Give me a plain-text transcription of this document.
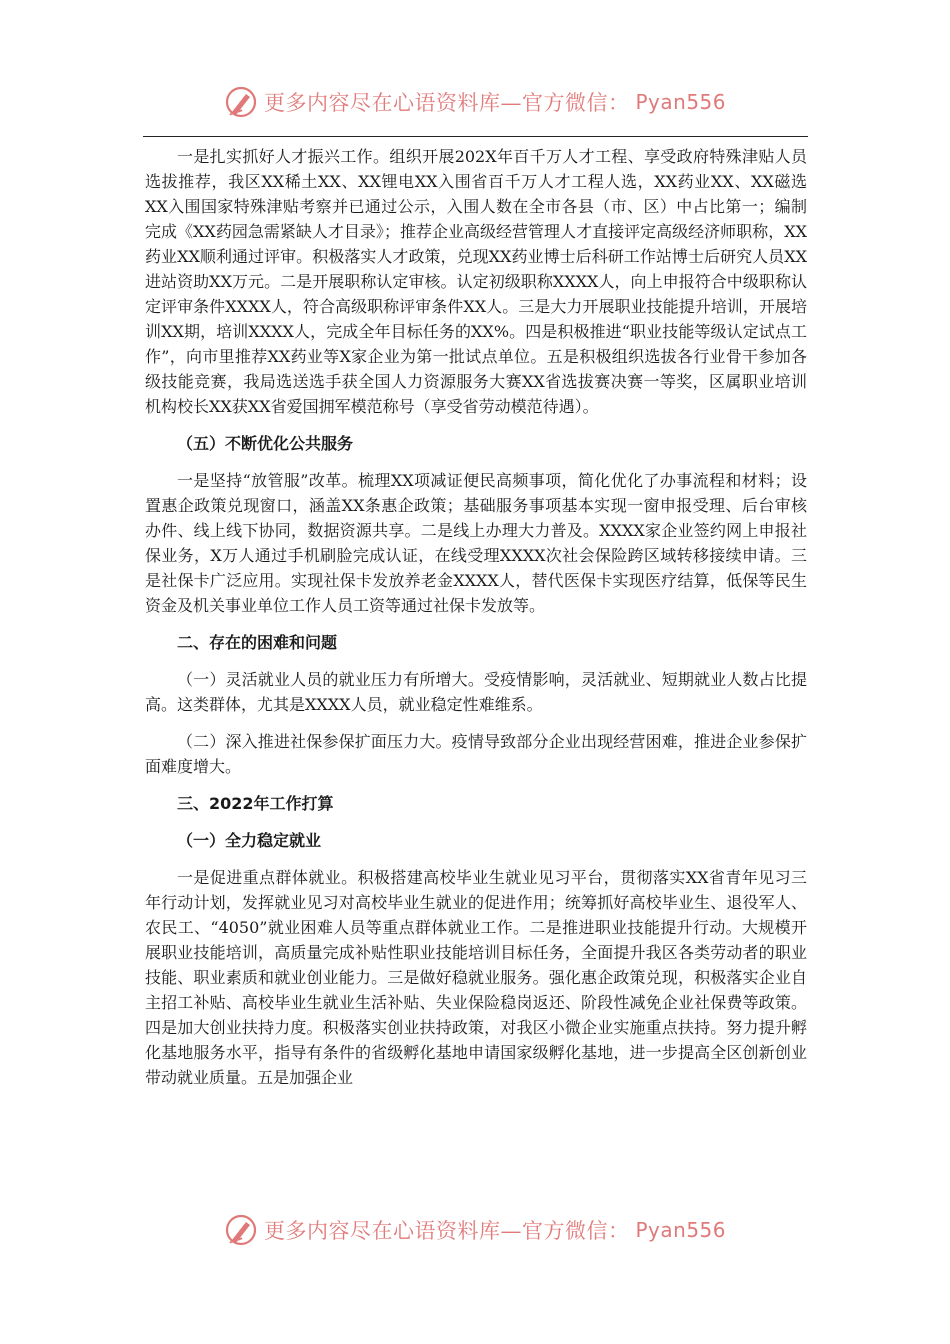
更多内容尽在心语资料库—官方微信： Pyan556

一是扎实抓好人才振兴工作。组织开展202X年百千万人才工程、享受政府特殊津贴人员选拔推荐，我区XX稀土XX、XX锂电XX入围省百千万人才工程人选，XX药业XX、XX磁选XX入围国家特殊津贴考察并已通过公示，入围人数在全市各县（市、区）中占比第一；编制完成《XX药园急需紧缺人才目录》；推荐企业高级经营管理人才直接评定高级经济师职称，XX药业XX顺利通过评审。积极落实人才政策，兑现XX药业博士后科研工作站博士后研究人员XX进站资助XX万元。二是开展职称认定审核。认定初级职称XXXX人，向上申报符合中级职称认定评审条件XXXX人，符合高级职称评审条件XX人。三是大力开展职业技能提升培训，开展培训XX期，培训XXXX人，完成全年目标任务的XX%。四是积极推进“职业技能等级认定试点工作”，向市里推荐XX药业等X家企业为第一批试点单位。五是积极组织选拔各行业骨干参加各级技能竞赛，我局选送选手获全国人力资源服务大赛XX省选拔赛决赛一等奖，区属职业培训机构校长XX获XX省爱国拥军模范称号（享受省劳动模范待遇）。

（五）不断优化公共服务

一是坚持“放管服”改革。梳理XX项减证便民高频事项，简化优化了办事流程和材料；设置惠企政策兑现窗口，涵盖XX条惠企政策；基础服务事项基本实现一窗申报受理、后台审核办件、线上线下协同，数据资源共享。二是线上办理大力普及。XXXX家企业签约网上申报社保业务，X万人通过手机刷脸完成认证，在线受理XXXX次社会保险跨区域转移接续申请。三是社保卡广泛应用。实现社保卡发放养老金XXXX人，替代医保卡实现医疗结算，低保等民生资金及机关事业单位工作人员工资等通过社保卡发放等。

二、存在的困难和问题

（一）灵活就业人员的就业压力有所增大。受疫情影响，灵活就业、短期就业人数占比提高。这类群体，尤其是XXXX人员，就业稳定性难维系。

（二）深入推进社保参保扩面压力大。疫情导致部分企业出现经营困难，推进企业参保扩面难度增大。

三、2022年工作打算

（一）全力稳定就业

一是促进重点群体就业。积极搭建高校毕业生就业见习平台，贯彻落实XX省青年见习三年行动计划，发挥就业见习对高校毕业生就业的促进作用；统筹抓好高校毕业生、退役军人、农民工、“4050”就业困难人员等重点群体就业工作。二是推进职业技能提升行动。大规模开展职业技能培训，高质量完成补贴性职业技能培训目标任务，全面提升我区各类劳动者的职业技能、职业素质和就业创业能力。三是做好稳就业服务。强化惠企政策兑现，积极落实企业自主招工补贴、高校毕业生就业生活补贴、失业保险稳岗返还、阶段性减免企业社保费等政策。四是加大创业扶持力度。积极落实创业扶持政策，对我区小微企业实施重点扶持。努力提升孵化基地服务水平，指导有条件的省级孵化基地申请国家级孵化基地，进一步提高全区创新创业带动就业质量。五是加强企业

更多内容尽在心语资料库—官方微信： Pyan556
